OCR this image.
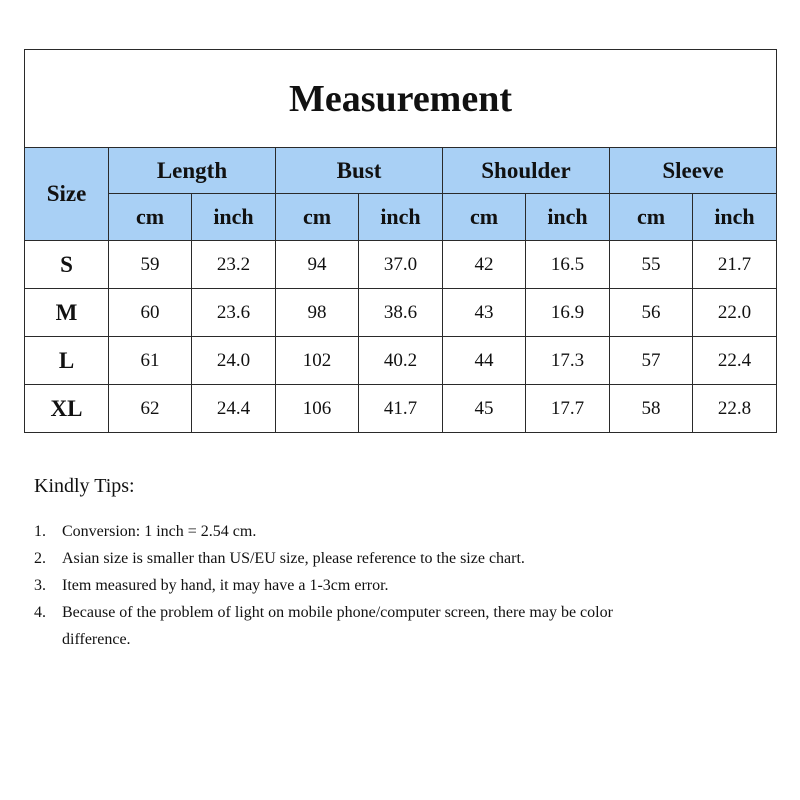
Measurement								
Size	Length		Bust		Shoulder		Sleeve	
	cm	inch	cm	inch	cm	inch	cm	inch
S	59	23.2	94	37.0	42	16.5	55	21.7
M	60	23.6	98	38.6	43	16.9	56	22.0
L	61	24.0	102	40.2	44	17.3	57	22.4
XL	62	24.4	106	41.7	45	17.7	58	22.8

Kindly Tips:

1.	Conversion: 1 inch = 2.54 cm.
2.	Asian size is smaller than US/EU size, please reference to the size chart.
3.	Item measured by hand, it may have a 1-3cm error.
4.	Because of the problem of light on mobile phone/computer screen, there may be color difference.
